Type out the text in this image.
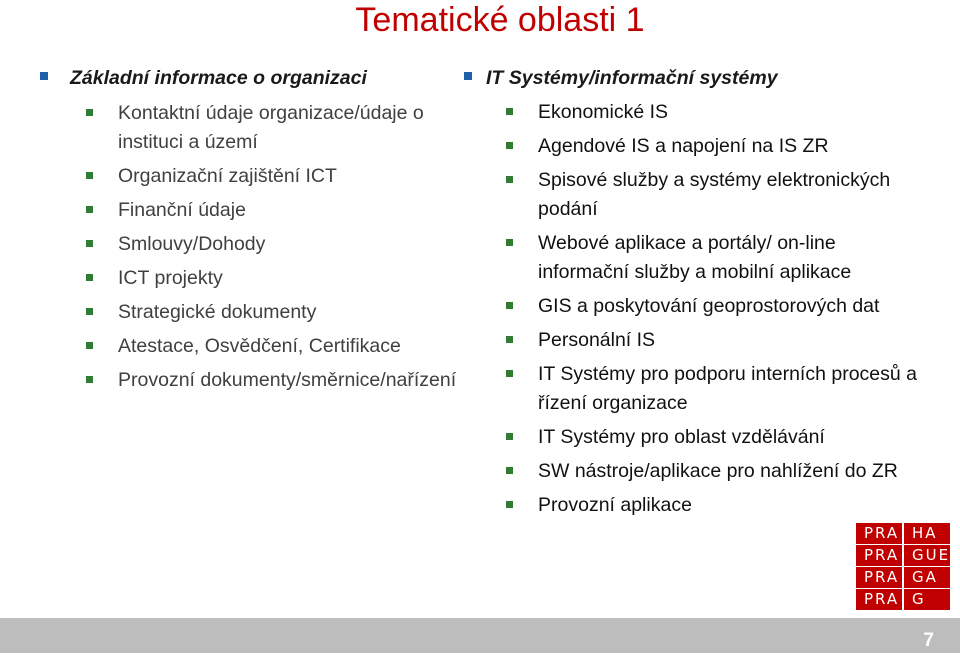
Tematické oblasti 1
Základní informace o organizaci
Kontaktní údaje organizace/údaje o instituci a území
Organizační zajištění ICT
Finanční údaje
Smlouvy/Dohody
ICT projekty
Strategické dokumenty
Atestace, Osvědčení, Certifikace
Provozní dokumenty/směrnice/nařízení
IT Systémy/informační systémy
Ekonomické IS
Agendové IS a napojení na IS ZR
Spisové služby a systémy elektronických podání
Webové aplikace a portály/ on-line informační služby a mobilní aplikace
GIS a poskytování geoprostorových dat
Personální IS
IT Systémy pro podporu interních procesů a řízení organizace
IT Systémy pro oblast vzdělávání
SW nástroje/aplikace pro nahlížení do ZR
Provozní aplikace
PRA HA
PRA GUE
PRA GA
PRA G
7
